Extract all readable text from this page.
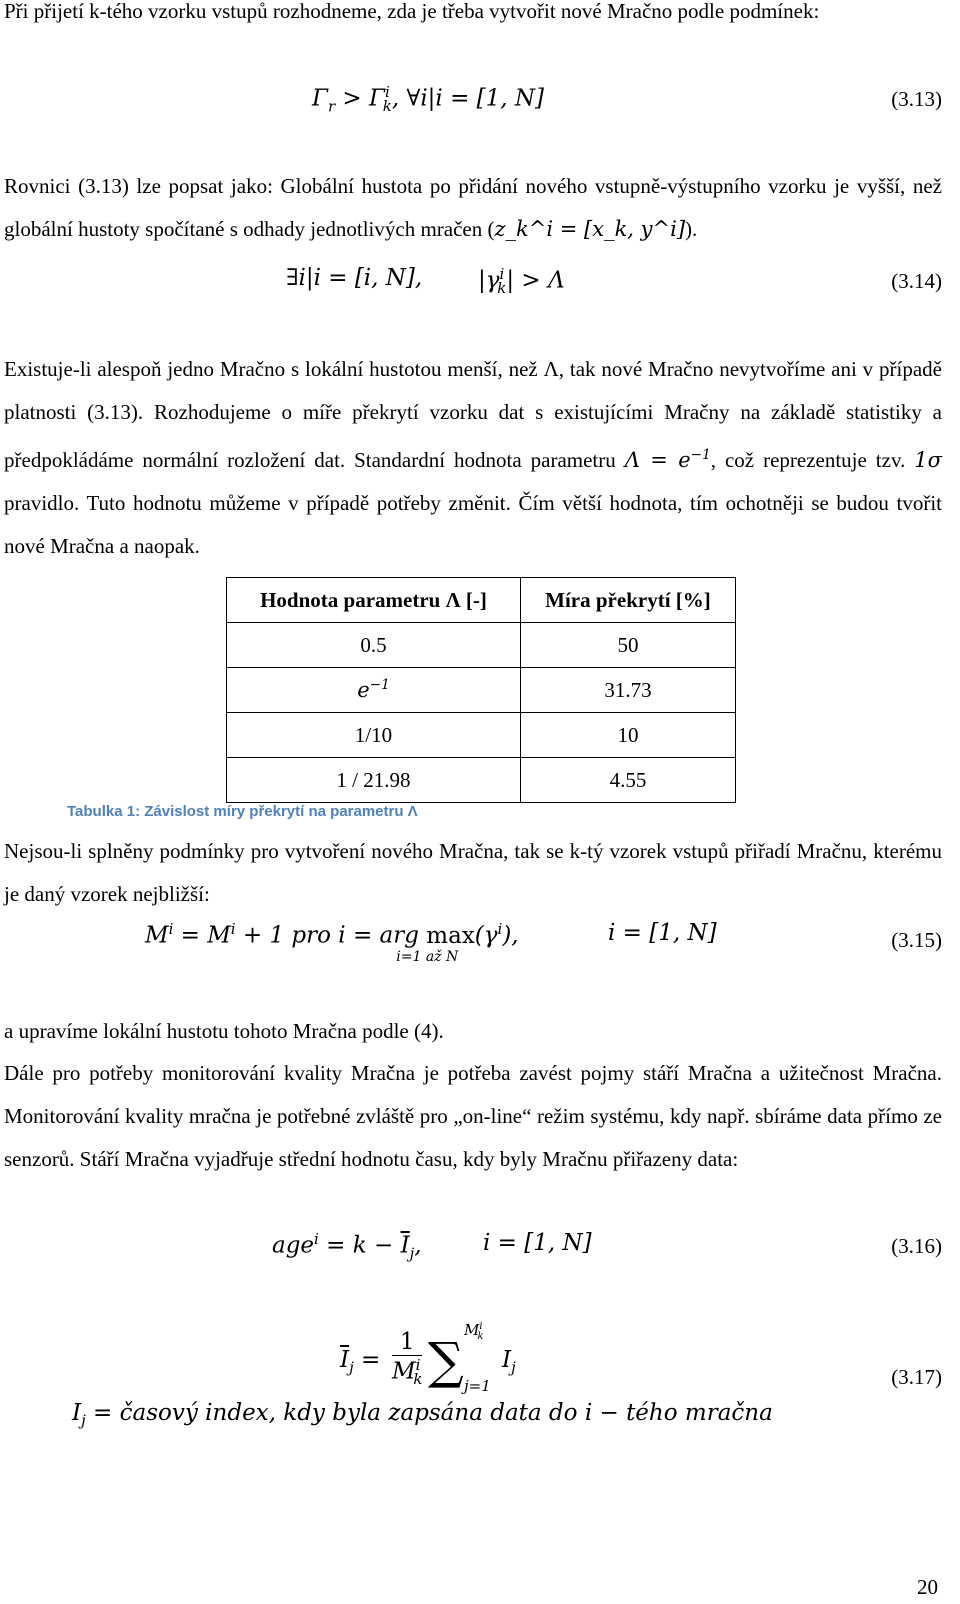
Při přijetí k-tého vzorku vstupů rozhodneme, zda je třeba vytvořit nové Mračno podle podmínek:

$\Gamma_r > \Gamma^i_k$, ∀i|i = [1, N]	(3.13)

Rovnici (3.13) lze popsat jako: Globální hustota po přidání nového vstupně-výstupního vzorku je vyšší, než globální hustoty spočítané s odhady jednotlivých mračen (z_k^i = [x_k, y^i]).

∃i|i = [i, N], $|\gamma^i_k| > \Lambda$	(3.14)

Existuje-li alespoň jedno Mračno s lokální hustotou menší, než Λ, tak nové Mračno nevytvoříme ani v případě platnosti (3.13). Rozhodujeme o míře překrytí vzorku dat s existujícími Mračny na základě statistiky a předpokládáme normální rozložení dat. Standardní hodnota parametru $\Lambda = e^{-1}$, což reprezentuje tzv. 1σ pravidlo. Tuto hodnotu můžeme v případě potřeby změnit. Čím větší hodnota, tím ochotněji se budou tvořit nové Mračna a naopak.

Hodnota parametru Λ [-]	Míra překrytí [%]
0.5	50
$e^{-1}$	31.73
1/10	10
1 / 21.98	4.55
Tabulka 1: Závislost míry překrytí na parametru Λ

Nejsou-li splněny podmínky pro vytvoření nového Mračna, tak se k-tý vzorek vstupů přiřadí Mračnu, kterému je daný vzorek nejbližší:

$M^i = M^i + 1$ pro i = arg max
i=1 až N
$(\gamma^i)$,	i = [1, N]	(3.15)

a upravíme lokální hustotu tohoto Mračna podle (4).

Dále pro potřeby monitorování kvality Mračna je potřeba zavést pojmy stáří Mračna a užitečnost Mračna. Monitorování kvality mračna je potřebné zvláště pro „on-line“ režim systému, kdy např. sbíráme data přímo ze senzorů. Stáří Mračna vyjadřuje střední hodnotu času, kdy byly Mračnu přiřazeny data:

$age^i = k - \overline{I}_j$,	i = [1, N]	(3.16)
$\overline{I}_j$ =
1
$M^i_k$ ∑
$M^i_k$
j=1
$I_j$	(3.17)
$I_j$ = časový index, kdy byla zapsána data do i − tého mračna
20
